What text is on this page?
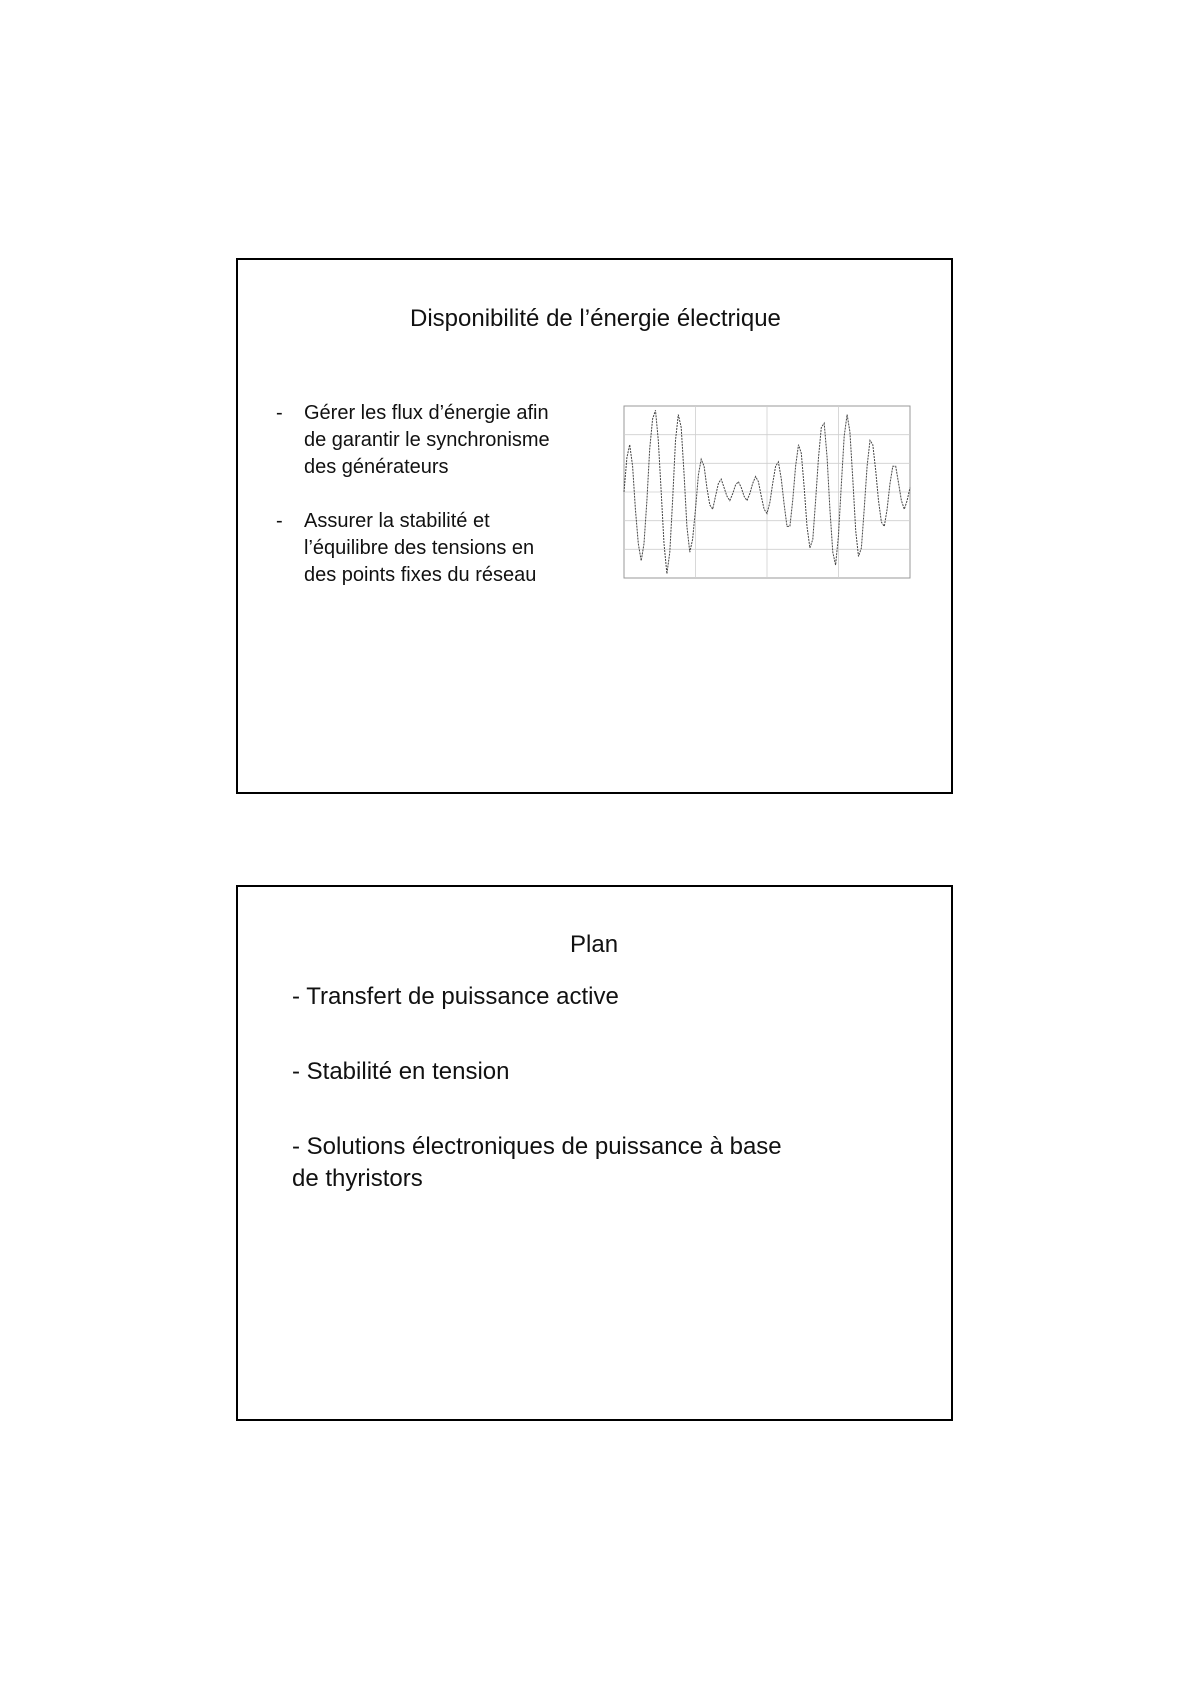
Disponibilité de l’énergie électrique
- Gérer les flux d’énergie afin
de garantir le synchronisme
des générateurs
- Assurer la stabilité et
l’équilibre des tensions en
des points fixes du réseau
Plan
- Transfert de puissance active
- Stabilité en tension
- Solutions électroniques de puissance à base
de thyristors
